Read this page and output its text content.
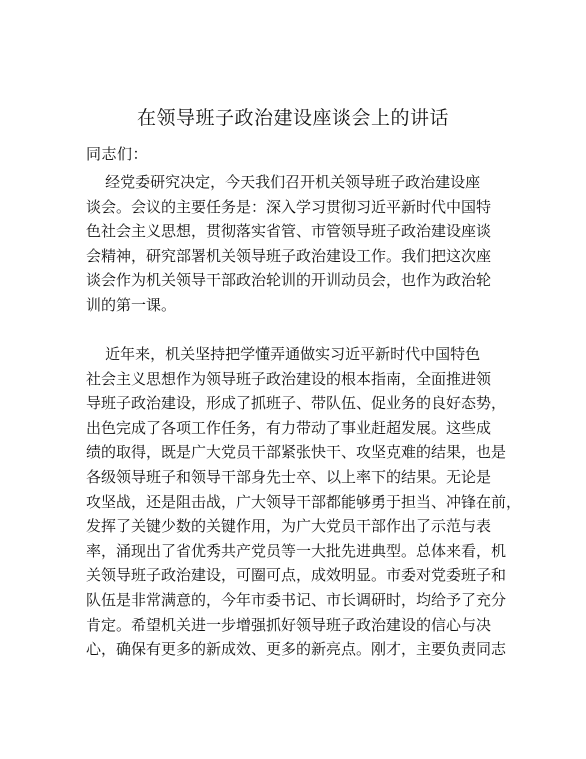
在领导班子政治建设座谈会上的讲话
同志们：
经党委研究决定，今天我们召开机关领导班子政治建设座
谈会。会议的主要任务是：深入学习贯彻习近平新时代中国特
色社会主义思想，贯彻落实省管、市管领导班子政治建设座谈
会精神，研究部署机关领导班子政治建设工作。我们把这次座
谈会作为机关领导干部政治轮训的开训动员会，也作为政治轮
训的第一课。
近年来，机关坚持把学懂弄通做实习近平新时代中国特色
社会主义思想作为领导班子政治建设的根本指南，全面推进领
导班子政治建设，形成了抓班子、带队伍、促业务的良好态势，
出色完成了各项工作任务，有力带动了事业赶超发展。这些成
绩的取得，既是广大党员干部紧张快干、攻坚克难的结果，也是
各级领导班子和领导干部身先士卒、以上率下的结果。无论是
攻坚战，还是阻击战，广大领导干部都能够勇于担当、冲锋在前，
发挥了关键少数的关键作用，为广大党员干部作出了示范与表
率，涌现出了省优秀共产党员等一大批先进典型。总体来看，机
关领导班子政治建设，可圈可点，成效明显。市委对党委班子和
队伍是非常满意的，今年市委书记、市长调研时，均给予了充分
肯定。希望机关进一步增强抓好领导班子政治建设的信心与决
心，确保有更多的新成效、更多的新亮点。刚才，主要负责同志
